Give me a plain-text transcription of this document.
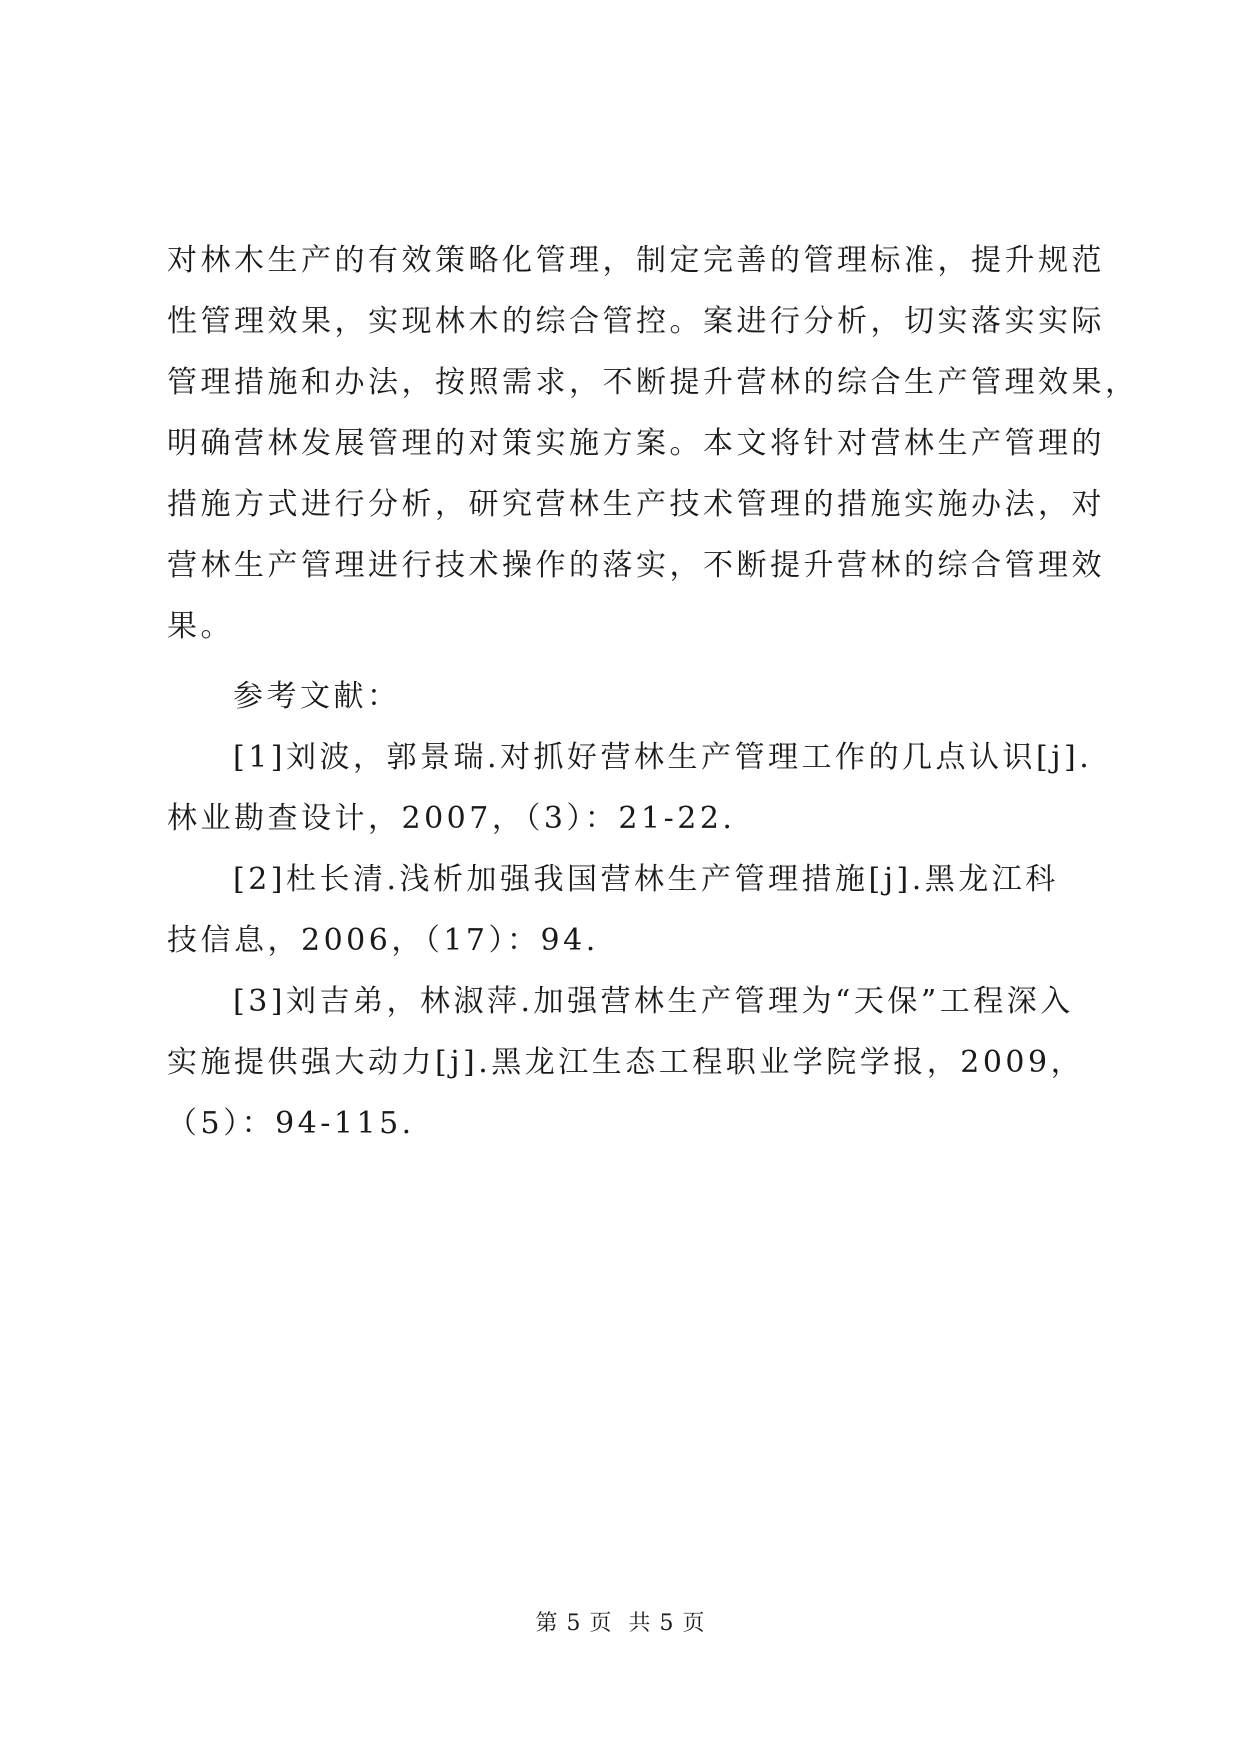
对林木生产的有效策略化管理，制定完善的管理标准，提升规范
性管理效果，实现林木的综合管控。案进行分析，切实落实实际
管理措施和办法，按照需求，不断提升营林的综合生产管理效果，
明确营林发展管理的对策实施方案。本文将针对营林生产管理的
措施方式进行分析，研究营林生产技术管理的措施实施办法，对
营林生产管理进行技术操作的落实，不断提升营林的综合管理效
果。
参考文献：
[1]刘波，郭景瑞.对抓好营林生产管理工作的几点认识[j].
林业勘查设计，2007，（3）：21-22.
[2]杜长清.浅析加强我国营林生产管理措施[j].黑龙江科
技信息，2006，（17）：94.
[3]刘吉弟，林淑萍.加强营林生产管理为“天保”工程深入
实施提供强大动力[j].黑龙江生态工程职业学院学报，2009，
（5）：94-115.
第 5 页  共 5 页
